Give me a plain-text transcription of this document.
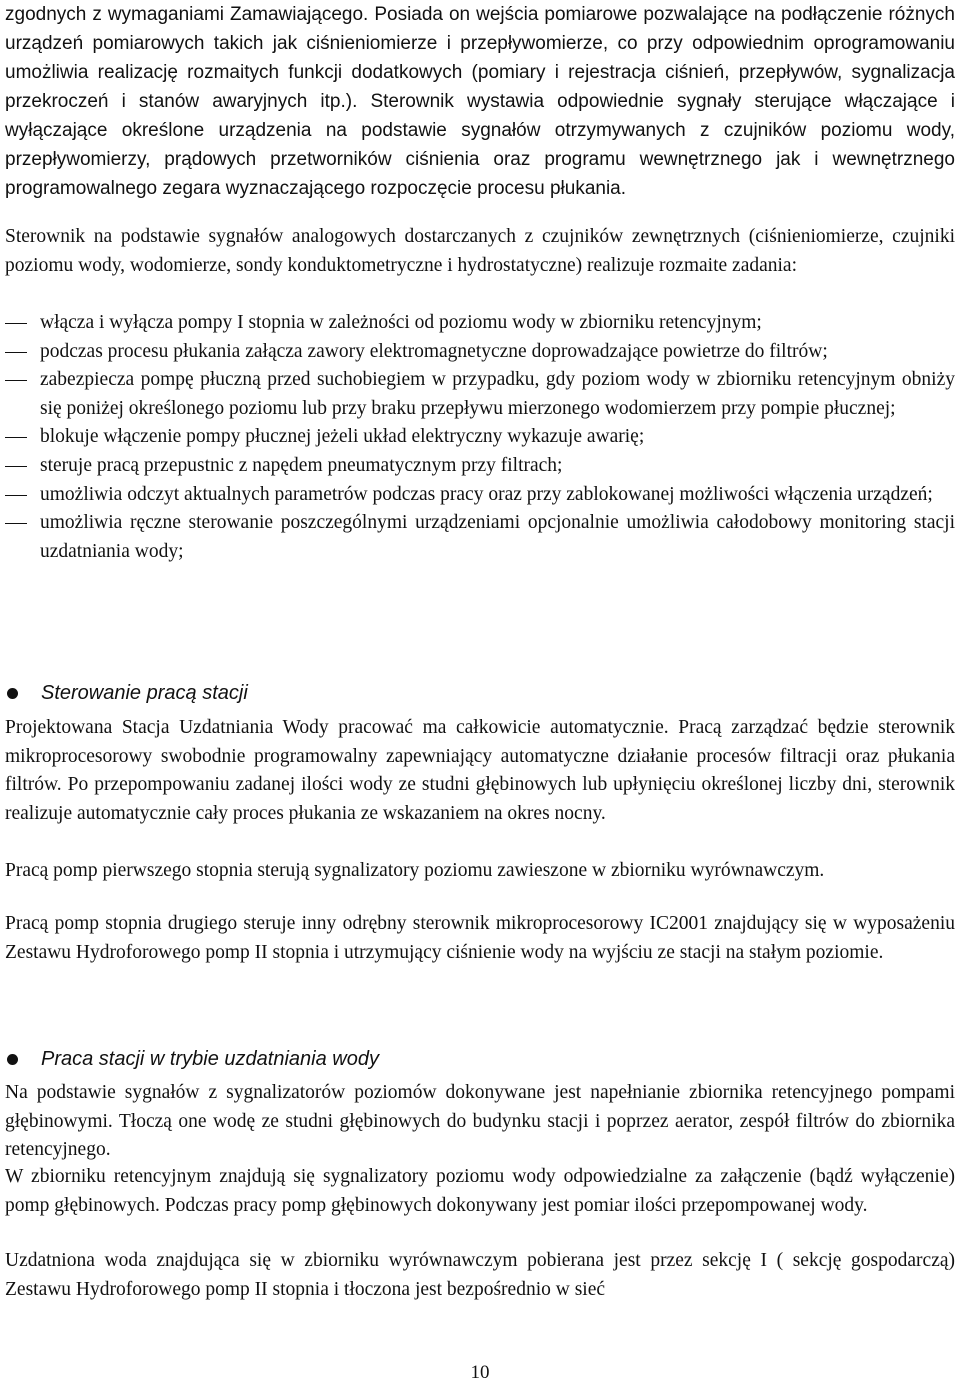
zgodnych z wymaganiami Zamawiającego. Posiada on wejścia pomiarowe pozwalające na podłączenie różnych urządzeń pomiarowych takich jak ciśnieniomierze i przepływomierze, co przy odpowiednim oprogramowaniu umożliwia realizację rozmaitych funkcji dodatkowych (pomiary i rejestracja ciśnień, przepływów, sygnalizacja przekroczeń i stanów awaryjnych itp.). Sterownik wystawia odpowiednie sygnały sterujące włączające i wyłączające określone urządzenia na podstawie sygnałów otrzymywanych z czujników poziomu wody, przepływomierzy, prądowych przetworników ciśnienia oraz programu wewnętrznego jak i wewnętrznego programowalnego zegara wyznaczającego rozpoczęcie procesu płukania.

Sterownik na podstawie sygnałów analogowych dostarczanych z czujników zewnętrznych (ciśnieniomierze, czujniki poziomu wody, wodomierze, sondy konduktometryczne i hydrostatyczne) realizuje rozmaite zadania:

włącza i wyłącza pompy I stopnia w zależności od poziomu wody w zbiorniku retencyjnym;
podczas procesu płukania załącza zawory elektromagnetyczne doprowadzające powietrze do filtrów;
zabezpiecza pompę płuczną przed suchobiegiem w przypadku, gdy poziom wody w zbiorniku retencyjnym obniży się poniżej określonego poziomu lub przy braku przepływu mierzonego wodomierzem przy pompie płucznej;
blokuje włączenie pompy płucznej jeżeli układ elektryczny wykazuje awarię;
steruje pracą przepustnic z napędem pneumatycznym przy filtrach;
umożliwia odczyt aktualnych parametrów podczas pracy oraz przy zablokowanej możliwości włączenia urządzeń;
umożliwia ręczne sterowanie poszczególnymi urządzeniami opcjonalnie umożliwia całodobowy monitoring stacji uzdatniania wody;
Sterowanie pracą stacji

Projektowana Stacja Uzdatniania Wody pracować ma całkowicie automatycznie. Pracą zarządzać będzie sterownik mikroprocesorowy swobodnie programowalny zapewniający automatyczne działanie procesów filtracji oraz płukania filtrów. Po przepompowaniu zadanej ilości wody ze studni głębinowych lub upłynięciu określonej liczby dni, sterownik realizuje automatycznie cały proces płukania ze wskazaniem na okres nocny.

Pracą pomp pierwszego stopnia sterują sygnalizatory poziomu zawieszone w zbiorniku wyrównawczym.

Pracą pomp stopnia drugiego steruje inny odrębny sterownik mikroprocesorowy IC2001 znajdujący się w wyposażeniu Zestawu Hydroforowego pomp II stopnia i utrzymujący ciśnienie wody na wyjściu ze stacji na stałym poziomie.

Praca stacji w trybie uzdatniania wody

Na podstawie sygnałów z sygnalizatorów poziomów dokonywane jest napełnianie zbiornika retencyjnego pompami głębinowymi. Tłoczą one wodę ze studni głębinowych do budynku stacji i poprzez aerator, zespół filtrów do zbiornika retencyjnego.

W zbiorniku retencyjnym znajdują się sygnalizatory poziomu wody odpowiedzialne za załączenie (bądź wyłączenie) pomp głębinowych. Podczas pracy pomp głębinowych dokonywany jest pomiar ilości przepompowanej wody.

Uzdatniona woda znajdująca się w zbiorniku wyrównawczym pobierana jest przez sekcję I ( sekcję gospodarczą) Zestawu Hydroforowego pomp II stopnia i tłoczona jest bezpośrednio w sieć

10
